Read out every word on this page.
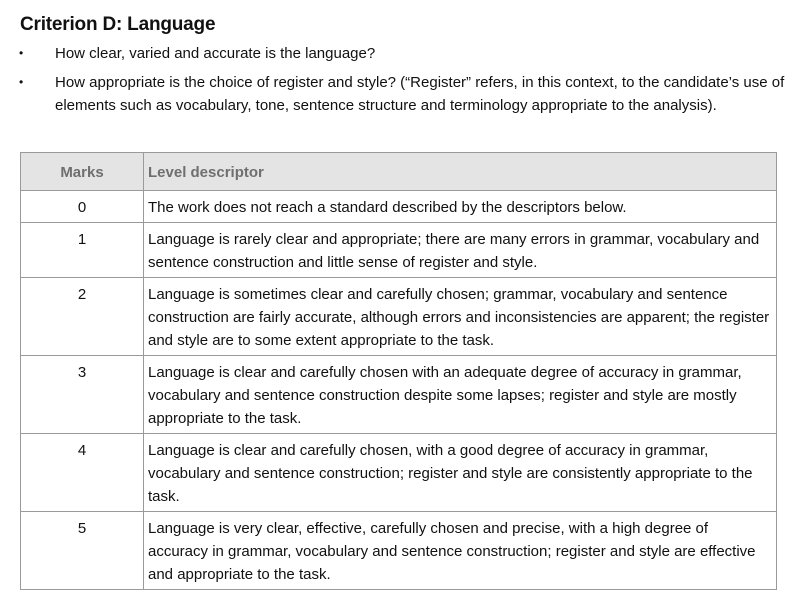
Criterion D: Language
• How clear, varied and accurate is the language?
• How appropriate is the choice of register and style? (“Register” refers, in this context, to the candidate’s use of elements such as vocabulary, tone, sentence structure and terminology appropriate to the analysis).
Marks	Level descriptor
0	The work does not reach a standard described by the descriptors below.
1	Language is rarely clear and appropriate; there are many errors in grammar, vocabulary and sentence construction and little sense of register and style.
2	Language is sometimes clear and carefully chosen; grammar, vocabulary and sentence construction are fairly accurate, although errors and inconsistencies are apparent; the register and style are to some extent appropriate to the task.
3	Language is clear and carefully chosen with an adequate degree of accuracy in grammar, vocabulary and sentence construction despite some lapses; register and style are mostly appropriate to the task.
4	Language is clear and carefully chosen, with a good degree of accuracy in grammar, vocabulary and sentence construction; register and style are consistently appropriate to the task.
5	Language is very clear, effective, carefully chosen and precise, with a high degree of accuracy in grammar, vocabulary and sentence construction; register and style are effective and appropriate to the task.
